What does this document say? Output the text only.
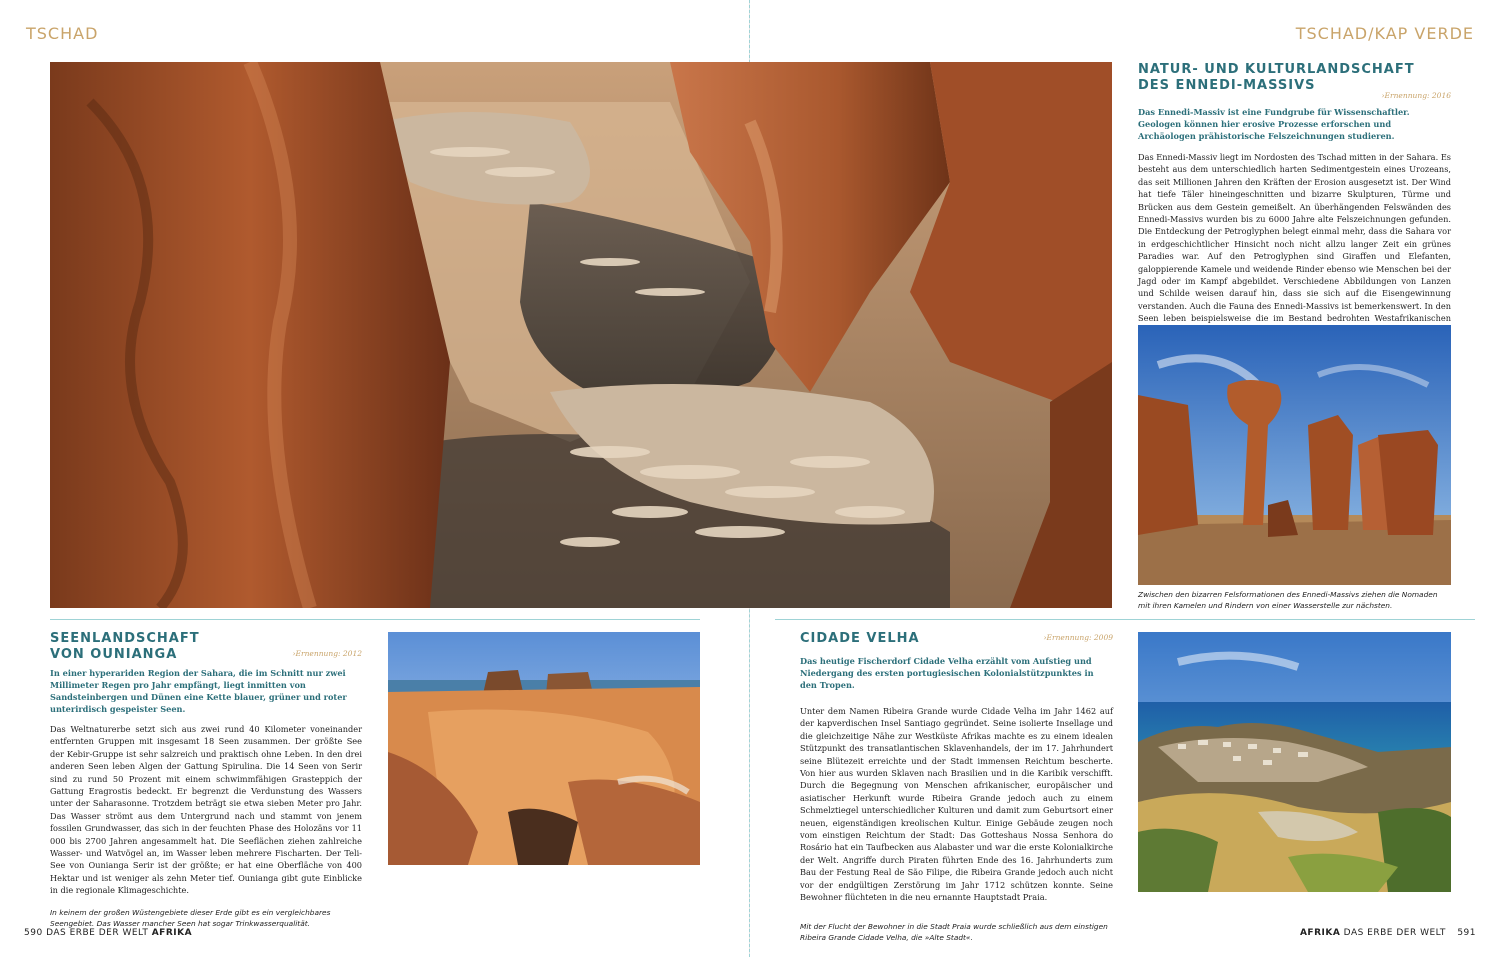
TSCHAD	TSCHAD/KAP VERDE
NATUR- UND KULTURLANDSCHAFT
DES ENNEDI-MASSIVS
›Ernennung: 2016

Das Ennedi-Massiv ist eine Fundgrube für Wissenschaftler. Geologen können hier erosive Prozesse erforschen und Archäologen prähistorische Felszeichnungen studieren.

Das Ennedi-Massiv liegt im Nordosten des Tschad mitten in der Sahara. Es besteht aus dem unterschiedlich harten Sedimentgestein eines Urozeans, das seit Millionen Jahren den Kräften der Erosion ausgesetzt ist. Der Wind hat tiefe Täler hineingeschnitten und bizarre Skulpturen, Türme und Brücken aus dem Gestein gemeißelt. An überhängenden Felswänden des Ennedi-Massivs wurden bis zu 6000 Jahre alte Felszeichnungen gefunden. Die Entdeckung der Petroglyphen belegt einmal mehr, dass die Sahara vor in erdgeschichtlicher Hinsicht noch nicht allzu langer Zeit ein grünes Paradies war. Auf den Petroglyphen sind Giraffen und Elefanten, galoppierende Kamele und weidende Rinder ebenso wie Menschen bei der Jagd oder im Kampf abgebildet. Verschiedene Abbildungen von Lanzen und Schilde weisen darauf hin, dass sie sich auf die Eisengewinnung verstanden. Auch die Fauna des Ennedi-Massivs ist bemerkenswert. In den Seen leben beispielsweise die im Bestand bedrohten Westafrikanischen

Zwischen den bizarren Felsformationen des Ennedi-Massivs ziehen die Nomaden mit ihren Kamelen und Rindern von einer Wasserstelle zur nächsten.
SEENLANDSCHAFT
VON OUNIANGA	›Ernennung: 2012

In einer hyperariden Region der Sahara, die im Schnitt nur zwei Millimeter Regen pro Jahr empfängt, liegt inmitten von Sandsteinbergen und Dünen eine Kette blauer, grüner und roter unterirdisch gespeister Seen.

Das Weltnaturerbe setzt sich aus zwei rund 40 Kilometer voneinander entfernten Gruppen mit insgesamt 18 Seen zusammen. Der größte See der Kebir-Gruppe ist sehr salzreich und praktisch ohne Leben. In den drei anderen Seen leben Algen der Gattung Spirulina. Die 14 Seen von Serir sind zu rund 50 Prozent mit einem schwimmfähigen Grasteppich der Gattung Eragrostis bedeckt. Er begrenzt die Verdunstung des Wassers unter der Saharasonne. Trotzdem beträgt sie etwa sieben Meter pro Jahr. Das Wasser strömt aus dem Untergrund nach und stammt von jenem fossilen Grundwasser, das sich in der feuchten Phase des Holozäns vor 11 000 bis 2700 Jahren angesammelt hat. Die Seeflächen ziehen zahlreiche Wasser- und Watvögel an, im Wasser leben mehrere Fischarten. Der Teli-See von Ounianga Serir ist der größte; er hat eine Oberfläche von 400 Hektar und ist weniger als zehn Meter tief. Ounianga gibt gute Einblicke in die regionale Klimageschichte.

In keinem der großen Wüstengebiete dieser Erde gibt es ein vergleichbares Seengebiet. Das Wasser mancher Seen hat sogar Trinkwasserqualität.

CIDADE VELHA	›Ernennung: 2009

Das heutige Fischerdorf Cidade Velha erzählt vom Aufstieg und Niedergang des ersten portugiesischen Kolonialstützpunktes in den Tropen.

Unter dem Namen Ribeira Grande wurde Cidade Velha im Jahr 1462 auf der kapverdischen Insel Santiago gegründet. Seine isolierte Insellage und die gleichzeitige Nähe zur Westküste Afrikas machte es zu einem idealen Stützpunkt des transatlantischen Sklavenhandels, der im 17. Jahrhundert seine Blütezeit erreichte und der Stadt immensen Reichtum bescherte. Von hier aus wurden Sklaven nach Brasilien und in die Karibik verschifft. Durch die Begegnung von Menschen afrikanischer, europäischer und asiatischer Herkunft wurde Ribeira Grande jedoch auch zu einem Schmelztiegel unterschiedlicher Kulturen und damit zum Geburtsort einer neuen, eigenständigen kreolischen Kultur. Einige Gebäude zeugen noch vom einstigen Reichtum der Stadt: Das Gotteshaus Nossa Senhora do Rosário hat ein Taufbecken aus Alabaster und war die erste Kolonialkirche der Welt. Angriffe durch Piraten führten Ende des 16. Jahrhunderts zum Bau der Festung Real de São Filipe, die Ribeira Grande jedoch auch nicht vor der endgültigen Zerstörung im Jahr 1712 schützen konnte. Seine Bewohner flüchteten in die neu ernannte Hauptstadt Praia.

Mit der Flucht der Bewohner in die Stadt Praia wurde schließlich aus dem einstigen Ribeira Grande Cidade Velha, die »Alte Stadt«.

590 DAS ERBE DER WELT AFRIKA	AFRIKA DAS ERBE DER WELT 591
